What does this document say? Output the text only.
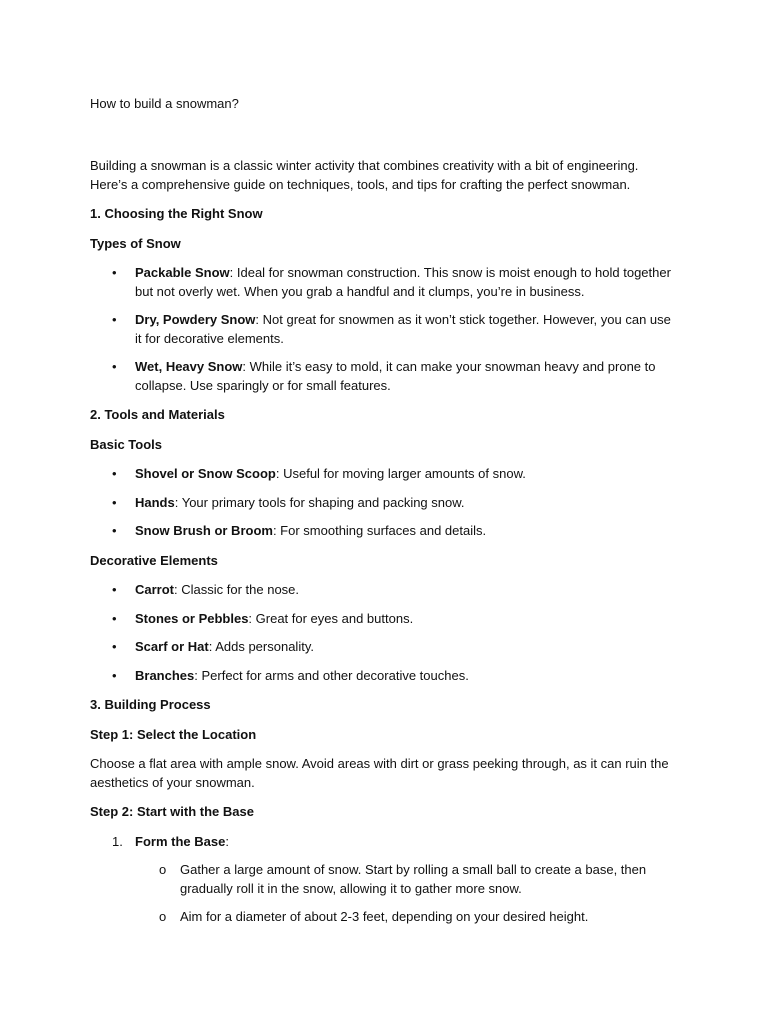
How to build a snowman?

Building a snowman is a classic winter activity that combines creativity with a bit of engineering. Here’s a comprehensive guide on techniques, tools, and tips for crafting the perfect snowman.

1. Choosing the Right Snow

Types of Snow

• Packable Snow: Ideal for snowman construction. This snow is moist enough to hold together but not overly wet. When you grab a handful and it clumps, you’re in business.
• Dry, Powdery Snow: Not great for snowmen as it won’t stick together. However, you can use it for decorative elements.
• Wet, Heavy Snow: While it’s easy to mold, it can make your snowman heavy and prone to collapse. Use sparingly or for small features.

2. Tools and Materials

Basic Tools

• Shovel or Snow Scoop: Useful for moving larger amounts of snow.
• Hands: Your primary tools for shaping and packing snow.
• Snow Brush or Broom: For smoothing surfaces and details.

Decorative Elements

• Carrot: Classic for the nose.
• Stones or Pebbles: Great for eyes and buttons.
• Scarf or Hat: Adds personality.
• Branches: Perfect for arms and other decorative touches.

3. Building Process

Step 1: Select the Location

Choose a flat area with ample snow. Avoid areas with dirt or grass peeking through, as it can ruin the aesthetics of your snowman.

Step 2: Start with the Base

1. Form the Base:
o Gather a large amount of snow. Start by rolling a small ball to create a base, then gradually roll it in the snow, allowing it to gather more snow.
o Aim for a diameter of about 2-3 feet, depending on your desired height.
